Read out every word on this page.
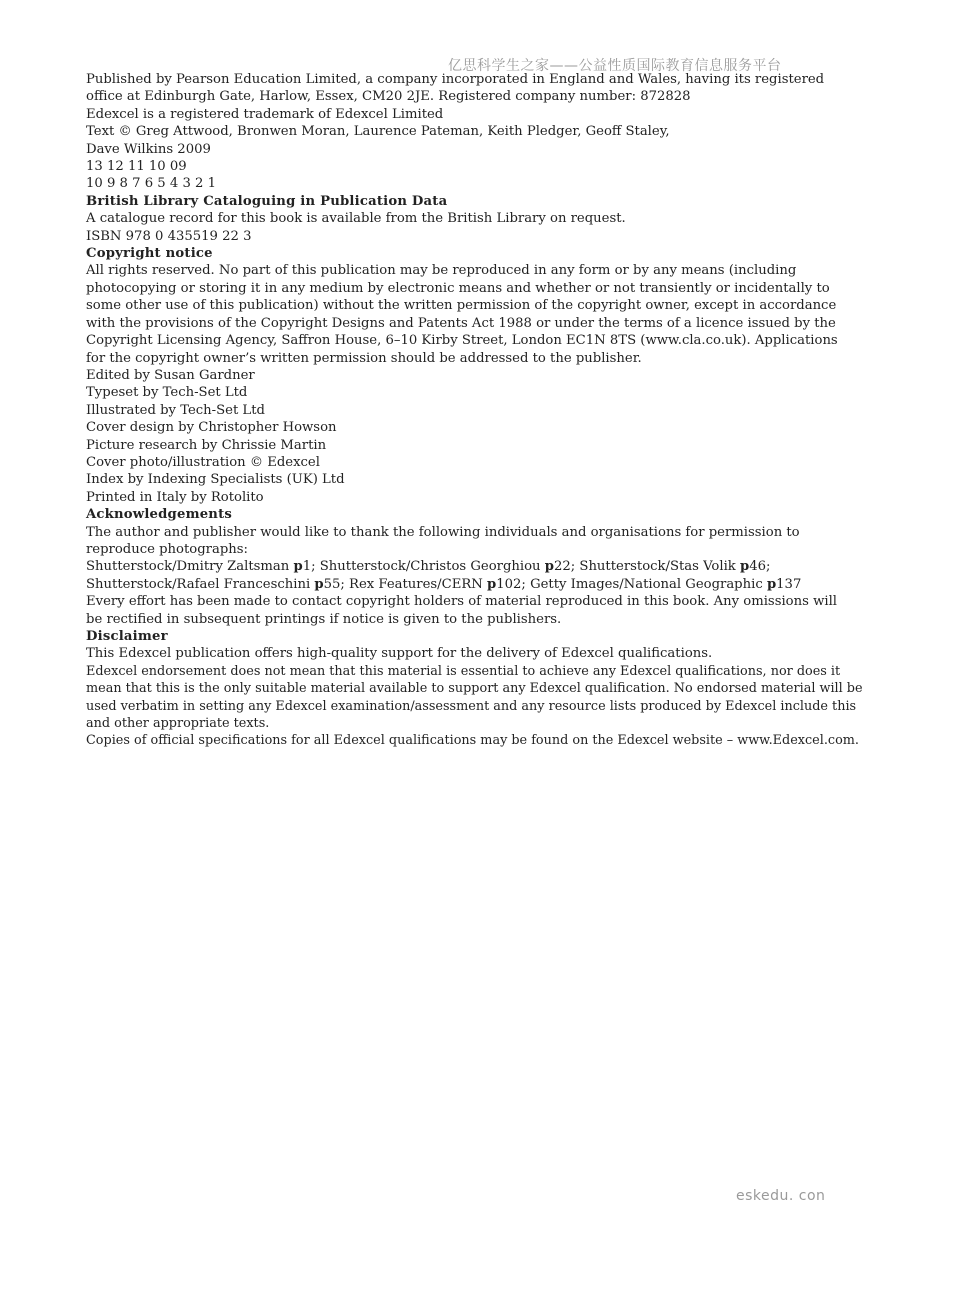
亿思科学生之家——公益性质国际教育信息服务平台

Published by Pearson Education Limited, a company incorporated in England and Wales, having its registered
office at Edinburgh Gate, Harlow, Essex, CM20 2JE. Registered company number: 872828

Edexcel is a registered trademark of Edexcel Limited

Text © Greg Attwood, Bronwen Moran, Laurence Pateman, Keith Pledger, Geoff Staley,
Dave Wilkins 2009

13 12 11 10 09
10 9 8 7 6 5 4 3 2 1

British Library Cataloguing in Publication Data
A catalogue record for this book is available from the British Library on request.

ISBN 978 0 435519 22 3

Copyright notice
All rights reserved. No part of this publication may be reproduced in any form or by any means (including
photocopying or storing it in any medium by electronic means and whether or not transiently or incidentally to
some other use of this publication) without the written permission of the copyright owner, except in accordance
with the provisions of the Copyright Designs and Patents Act 1988 or under the terms of a licence issued by the
Copyright Licensing Agency, Saffron House, 6–10 Kirby Street, London EC1N 8TS (www.cla.co.uk). Applications
for the copyright owner’s written permission should be addressed to the publisher.

Edited by Susan Gardner
Typeset by Tech-Set Ltd
Illustrated by Tech-Set Ltd
Cover design by Christopher Howson
Picture research by Chrissie Martin
Cover photo/illustration © Edexcel
Index by Indexing Specialists (UK) Ltd
Printed in Italy by Rotolito

Acknowledgements
The author and publisher would like to thank the following individuals and organisations for permission to
reproduce photographs:

Shutterstock/Dmitry Zaltsman p1; Shutterstock/Christos Georghiou p22; Shutterstock/Stas Volik p46;
Shutterstock/Rafael Franceschini p55; Rex Features/CERN p102; Getty Images/National Geographic p137

Every effort has been made to contact copyright holders of material reproduced in this book. Any omissions will
be rectified in subsequent printings if notice is given to the publishers.

Disclaimer
This Edexcel publication offers high-quality support for the delivery of Edexcel qualifications.

Edexcel endorsement does not mean that this material is essential to achieve any Edexcel qualifications, nor does it
mean that this is the only suitable material available to support any Edexcel qualification. No endorsed material will be
used verbatim in setting any Edexcel examination/assessment and any resource lists produced by Edexcel include this
and other appropriate texts.

Copies of official specifications for all Edexcel qualifications may be found on the Edexcel website – www.Edexcel.com.

eskedu. con
